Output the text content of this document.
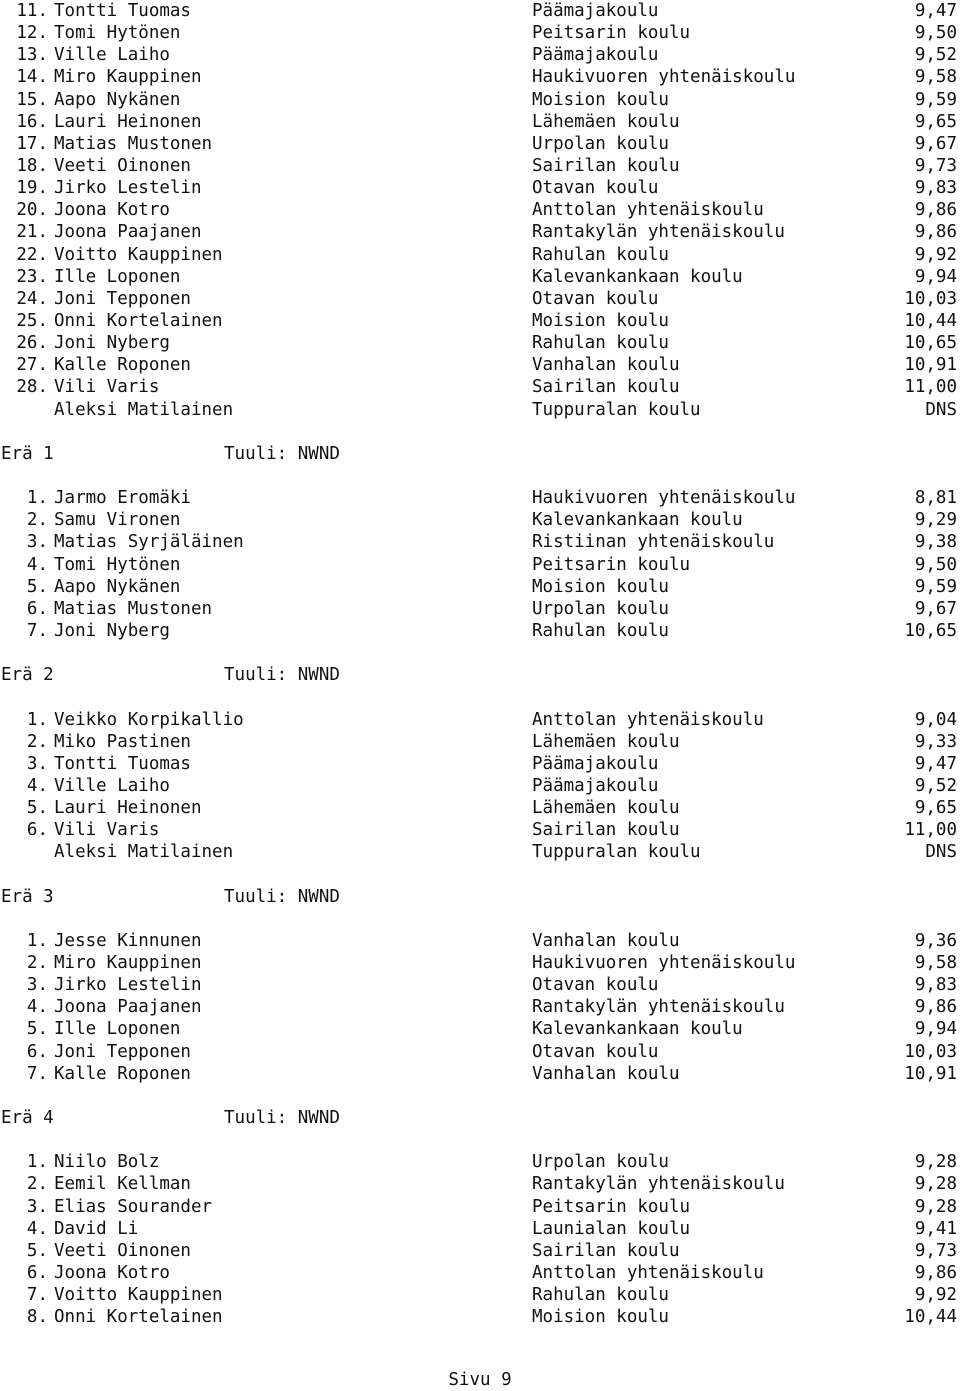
11. Tontti Tuomas	Päämajakoulu	9,47
12. Tomi Hytönen	Peitsarin koulu	9,50
13. Ville Laiho	Päämajakoulu	9,52
14. Miro Kauppinen	Haukivuoren yhtenäiskoulu	9,58
15. Aapo Nykänen	Moision koulu	9,59
16. Lauri Heinonen	Lähemäen koulu	9,65
17. Matias Mustonen	Urpolan koulu	9,67
18. Veeti Oinonen	Sairilan koulu	9,73
19. Jirko Lestelin	Otavan koulu	9,83
20. Joona Kotro	Anttolan yhtenäiskoulu	9,86
21. Joona Paajanen	Rantakylän yhtenäiskoulu	9,86
22. Voitto Kauppinen	Rahulan koulu	9,92
23. Ille Loponen	Kalevankankaan koulu	9,94
24. Joni Tepponen	Otavan koulu	10,03
25. Onni Kortelainen	Moision koulu	10,44
26. Joni Nyberg	Rahulan koulu	10,65
27. Kalle Roponen	Vanhalan koulu	10,91
28. Vili Varis	Sairilan koulu	11,00
Aleksi Matilainen	Tuppuralan koulu	DNS
Erä 1	Tuuli: NWND
1. Jarmo Eromäki	Haukivuoren yhtenäiskoulu	8,81
2. Samu Vironen	Kalevankankaan koulu	9,29
3. Matias Syrjäläinen	Ristiinan yhtenäiskoulu	9,38
4. Tomi Hytönen	Peitsarin koulu	9,50
5. Aapo Nykänen	Moision koulu	9,59
6. Matias Mustonen	Urpolan koulu	9,67
7. Joni Nyberg	Rahulan koulu	10,65
Erä 2	Tuuli: NWND
1. Veikko Korpikallio	Anttolan yhtenäiskoulu	9,04
2. Miko Pastinen	Lähemäen koulu	9,33
3. Tontti Tuomas	Päämajakoulu	9,47
4. Ville Laiho	Päämajakoulu	9,52
5. Lauri Heinonen	Lähemäen koulu	9,65
6. Vili Varis	Sairilan koulu	11,00
Aleksi Matilainen	Tuppuralan koulu	DNS
Erä 3	Tuuli: NWND
1. Jesse Kinnunen	Vanhalan koulu	9,36
2. Miro Kauppinen	Haukivuoren yhtenäiskoulu	9,58
3. Jirko Lestelin	Otavan koulu	9,83
4. Joona Paajanen	Rantakylän yhtenäiskoulu	9,86
5. Ille Loponen	Kalevankankaan koulu	9,94
6. Joni Tepponen	Otavan koulu	10,03
7. Kalle Roponen	Vanhalan koulu	10,91
Erä 4	Tuuli: NWND
1. Niilo Bolz	Urpolan koulu	9,28
2. Eemil Kellman	Rantakylän yhtenäiskoulu	9,28
3. Elias Sourander	Peitsarin koulu	9,28
4. David Li	Launialan koulu	9,41
5. Veeti Oinonen	Sairilan koulu	9,73
6. Joona Kotro	Anttolan yhtenäiskoulu	9,86
7. Voitto Kauppinen	Rahulan koulu	9,92
8. Onni Kortelainen	Moision koulu	10,44
Sivu 9
